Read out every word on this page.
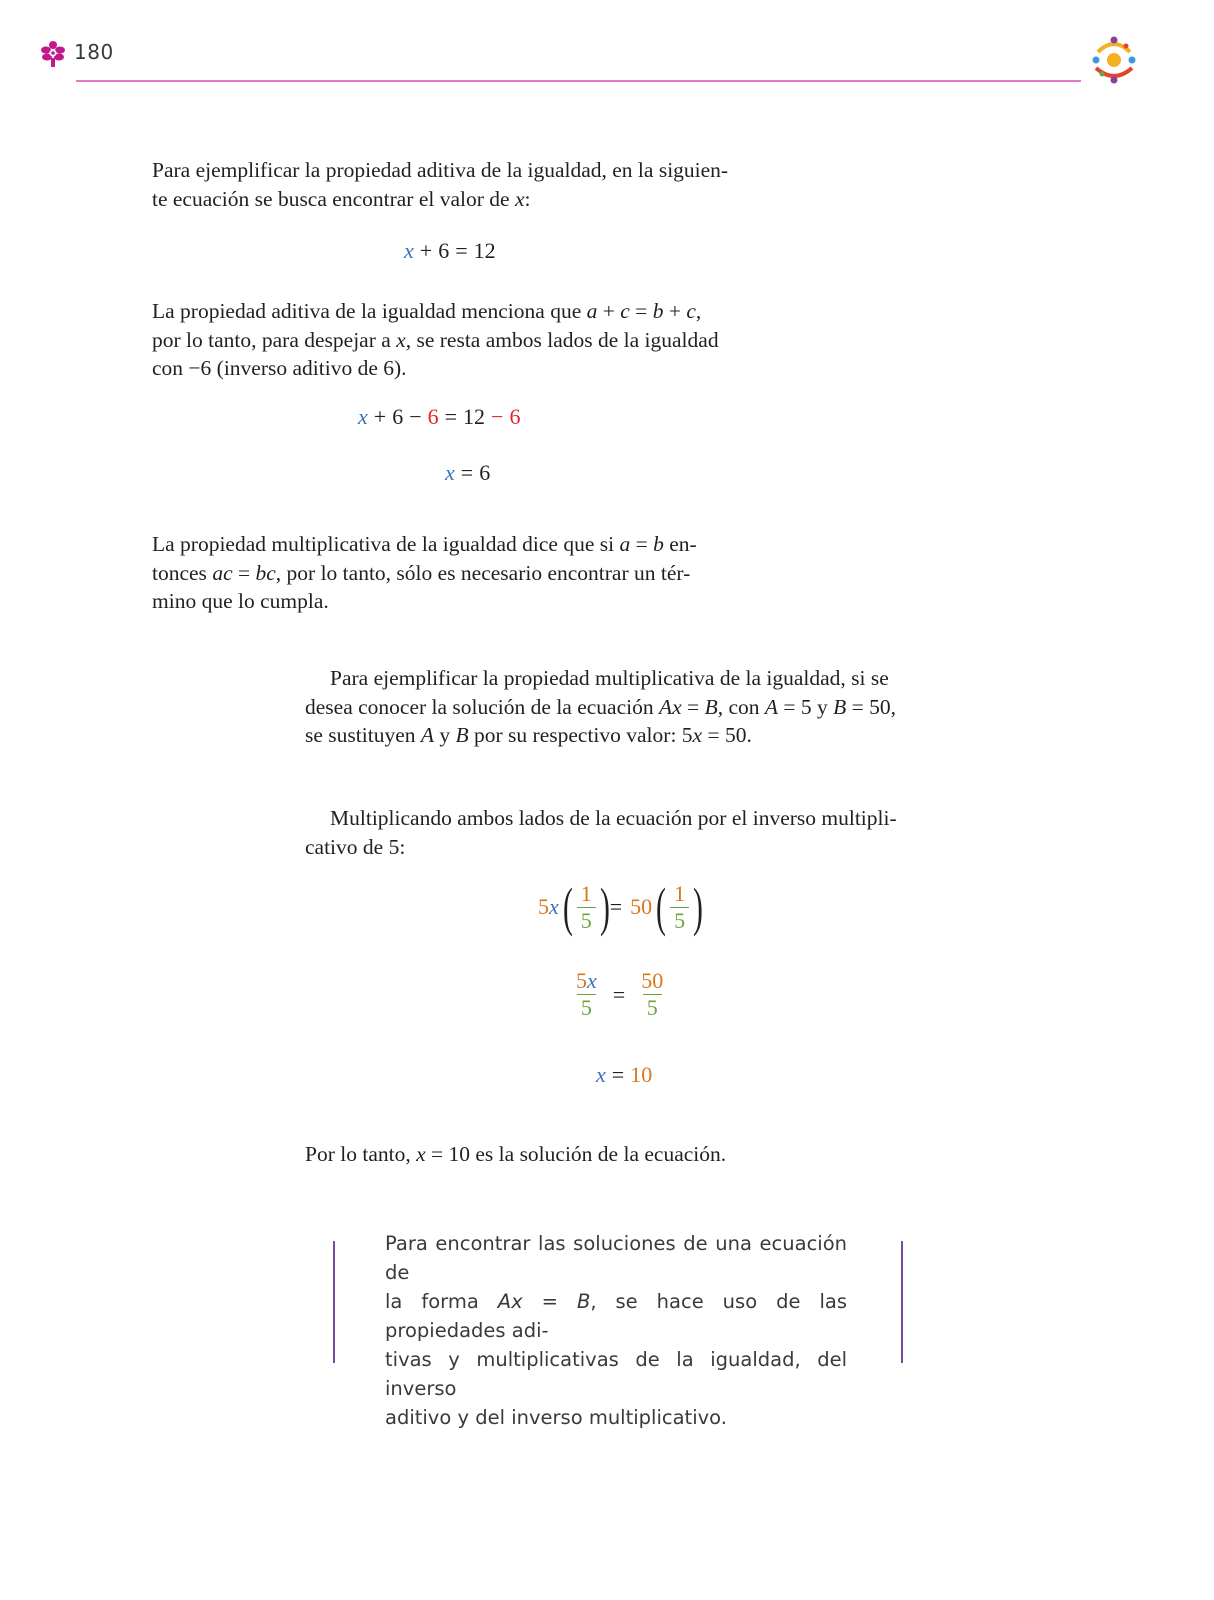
180
Para ejemplificar la propiedad aditiva de la igualdad, en la siguien-
te ecuación se busca encontrar el valor de x:
x + 6 = 12
La propiedad aditiva de la igualdad menciona que a + c = b + c,
por lo tanto, para despejar a x, se resta ambos lados de la igualdad
con −6 (inverso aditivo de 6).
x + 6 − 6 = 12 − 6
x = 6
La propiedad multiplicativa de la igualdad dice que si a = b en-
tonces ac = bc, por lo tanto, sólo es necesario encontrar un tér-
mino que lo cumpla.
Para ejemplificar la propiedad multiplicativa de la igualdad, si se
desea conocer la solución de la ecuación Ax = B, con A = 5 y B = 50,
se sustituyen A y B por su respectivo valor: 5x = 50.
Multiplicando ambos lados de la ecuación por el inverso multipli-
cativo de 5:
5 x ( $\frac{1}{5}$ ) = 50 ( $\frac{1}{5}$ )
$\frac{5x}{5} = \frac{50}{5}$
x = 10
Por lo tanto, x = 10 es la solución de la ecuación.
Para encontrar las soluciones de una ecuación de
la forma Ax = B, se hace uso de las propiedades adi-
tivas y multiplicativas de la igualdad, del inverso
aditivo y del inverso multiplicativo.
